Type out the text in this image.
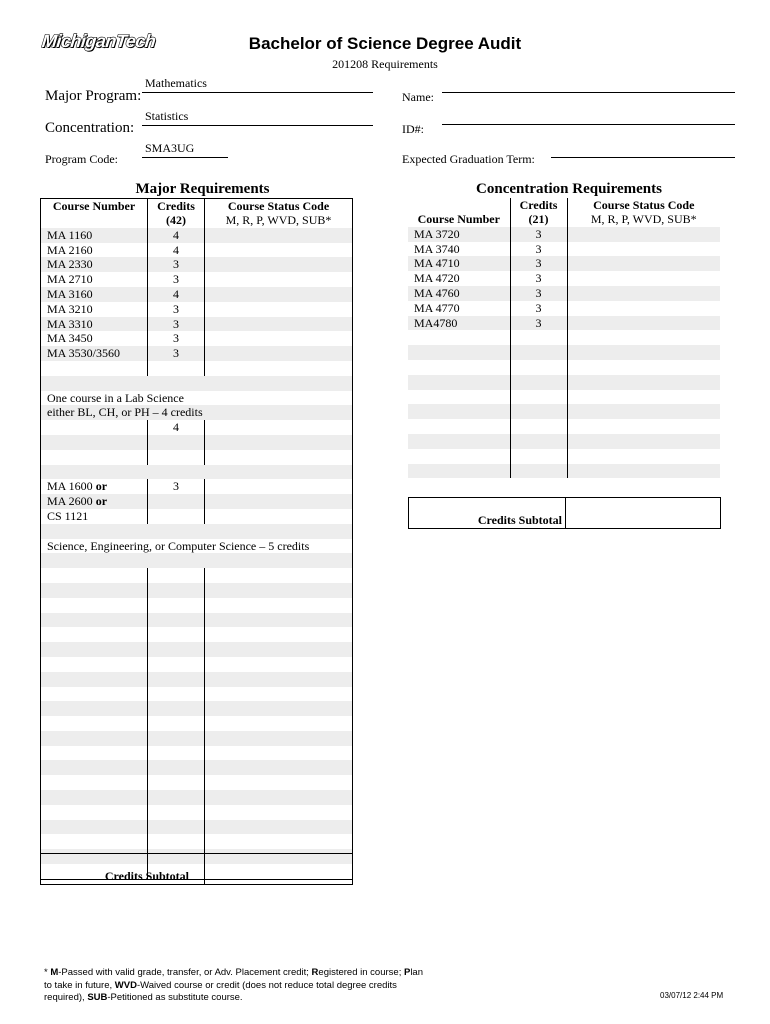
MichiganTech	Bachelor of Science Degree Audit
201208 Requirements
Mathematics
Major Program:
Statistics
Concentration:
SMA3UG
Program Code:
Name:
ID#:
Expected Graduation Term:
Major Requirements	Concentration Requirements
Course Number	Credits	Course Status Code
	(42)	M, R, P, WVD, SUB*
MA 1160	4	
MA 2160	4	
MA 2330	3	
MA 2710	3	
MA 3160	4	
MA 3210	3	
MA 3310	3	
MA 3450	3	
MA 3530/3560	3	

One course in a Lab Science		
either BL, CH, or PH – 4 credits		
	4	

MA 1600 or	3	
MA 2600 or		
CS 1121		

Science, Engineering, or Computer Science – 5 credits		

Credits Subtotal
	Credits	Course Status Code
Course Number	(21)	M, R, P, WVD, SUB*
MA 3720	3	
MA 3740	3	
MA 4710	3	
MA 4720	3	
MA 4760	3	
MA 4770	3	
MA4780	3	

Credits Subtotal
* M-Passed with valid grade, transfer, or Adv. Placement credit; Registered in course; Plan to take in future, WVD-Waived course or credit (does not reduce total degree credits required), SUB-Petitioned as substitute course.	03/07/12 2:44 PM
